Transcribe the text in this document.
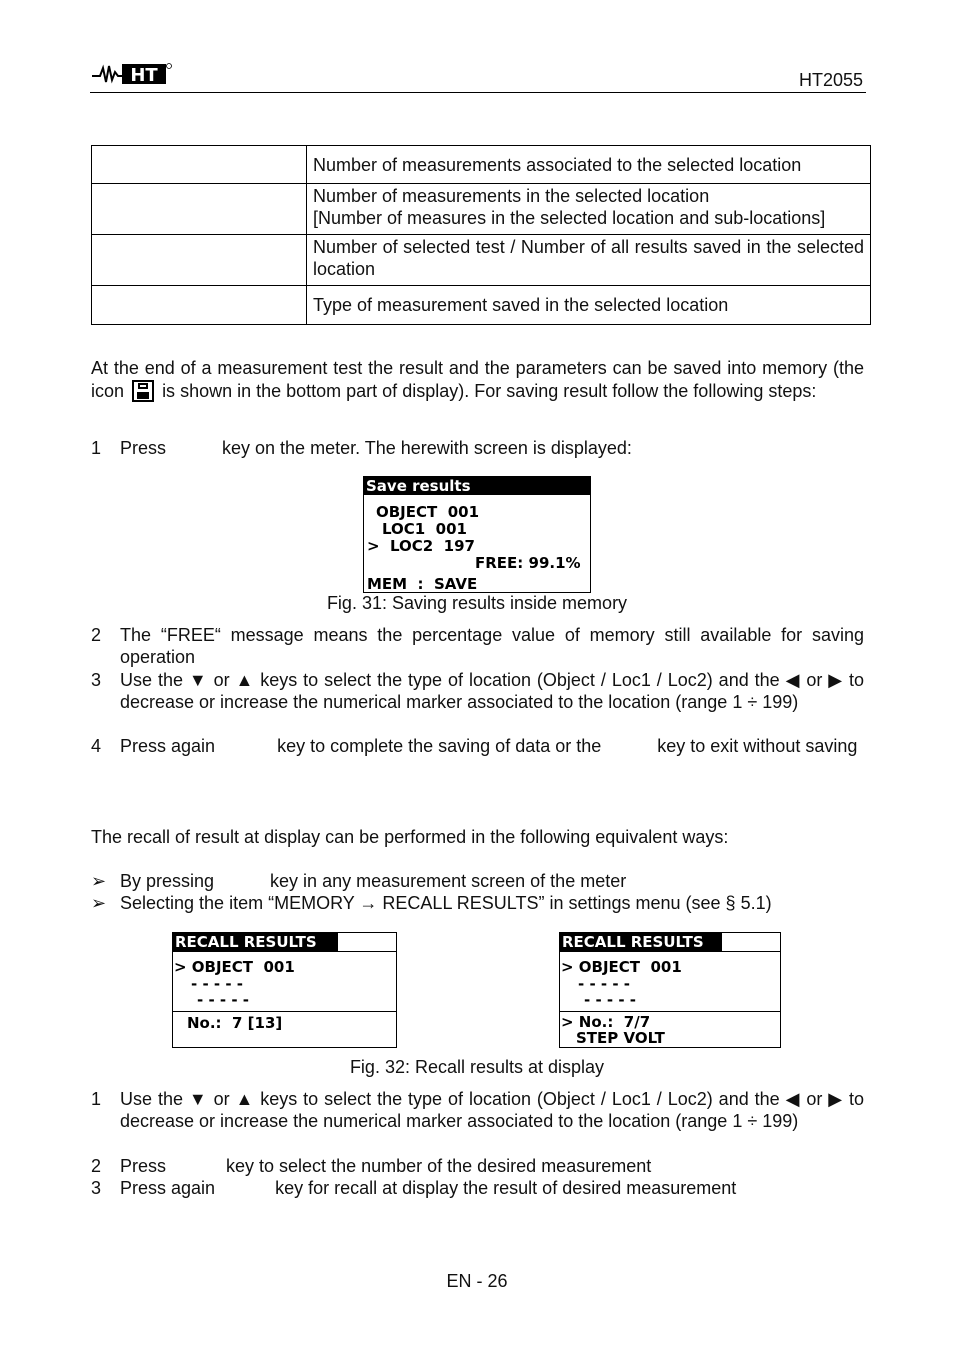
HT	HT2055
	Number of measurements associated to the selected location

	Number of measurements in the selected location
[Number of measures in the selected location and sub-locations]

	Number of selected test / Number of all results saved in the selected location
	Type of measurement saved in the selected location
At the end of a measurement test the result and the parameters can be saved into memory (the icon is shown in the bottom part of display). For saving result follow the following steps:
1 Press	key on the meter. The herewith screen is displayed:
Save results
OBJECT  001
LOC1  001
>  LOC2  197
FREE: 99.1%
MEM  :  SAVE
Fig. 31: Saving results inside memory
2 The “FREE“ message means the percentage value of memory still available for saving operation
3 Use the ▼ or ▲ keys to select the type of location (Object / Loc1 / Loc2) and the ◀ or ▶ to decrease or increase the numerical marker associated to the location (range 1 ÷ 199)
4 Press again	key to complete the saving of data or the	key to exit without saving
The recall of result at display can be performed in the following equivalent ways:
➢ By pressing	key in any measurement screen of the meter
➢ Selecting the item “MEMORY → RECALL RESULTS” in settings menu (see § 5.1)
RECALL RESULTS
> OBJECT  001
- - - - -
- - - - -
No.:  7 [13]
RECALL RESULTS
> OBJECT  001
- - - - -
- - - - -
> No.:  7/7
STEP VOLT
Fig. 32: Recall results at display
1 Use the ▼ or ▲ keys to select the type of location (Object / Loc1 / Loc2) and the ◀ or ▶ to decrease or increase the numerical marker associated to the location (range 1 ÷ 199)
2 Press	key to select the number of the desired measurement
3 Press again	key for recall at display the result of desired measurement
EN - 26
